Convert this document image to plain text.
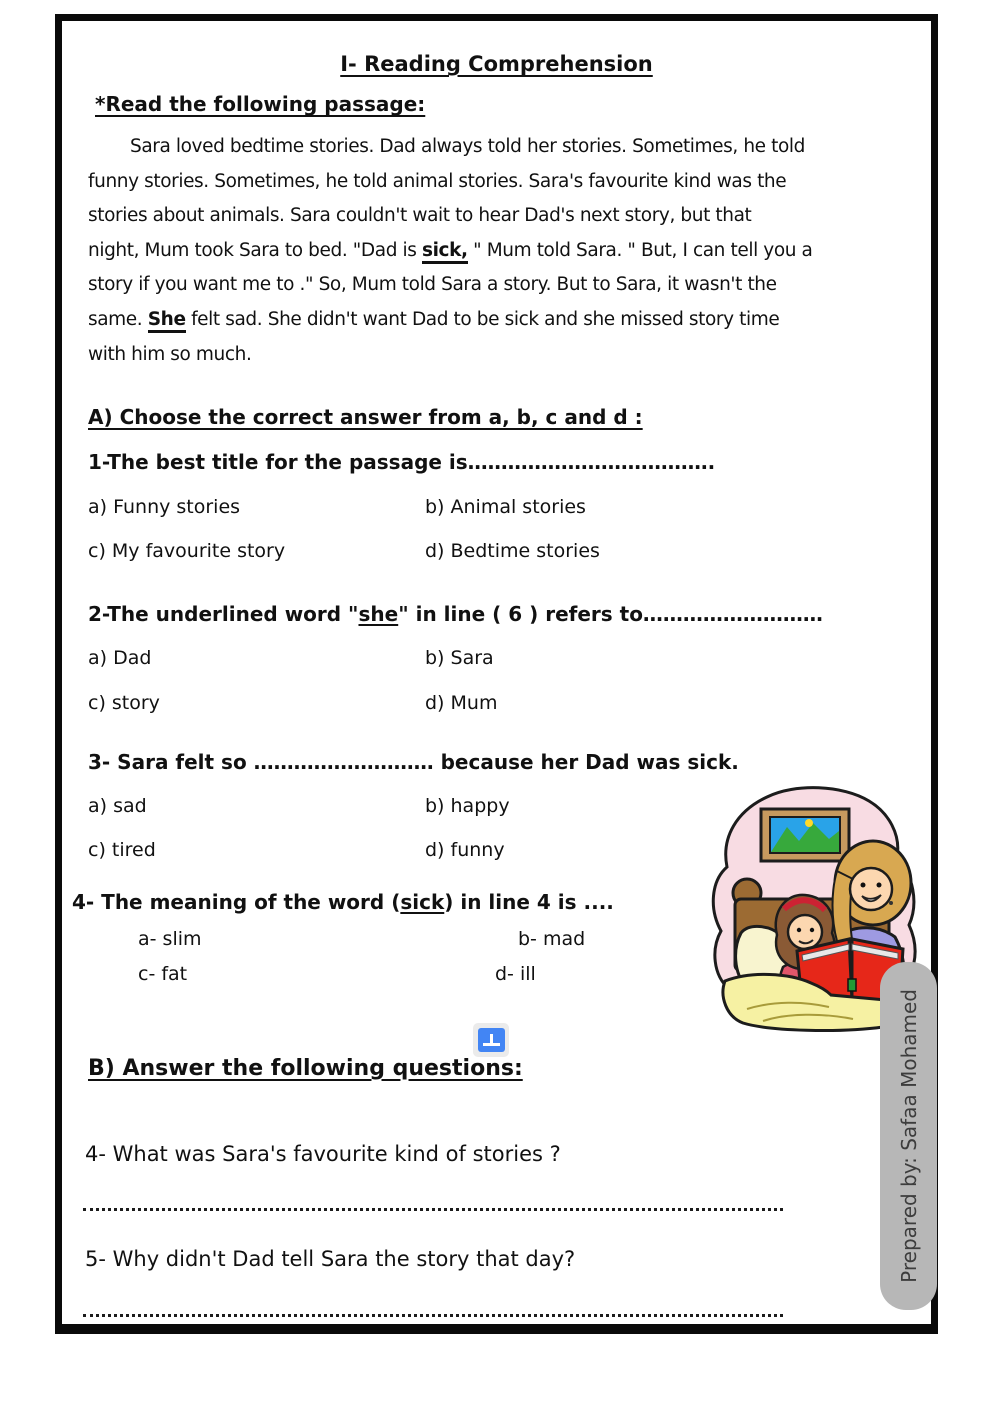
I- Reading Comprehension
*Read the following passage:
Sara loved bedtime stories. Dad always told her stories. Sometimes, he told
funny stories. Sometimes, he told animal stories. Sara's favourite kind was the
stories about animals. Sara couldn't wait to hear Dad's next story, but that
night, Mum took Sara to bed. "Dad is sick, " Mum told Sara. " But, I can tell you a
story if you want me to ." So, Mum told Sara a story. But to Sara, it wasn't the
same. She felt sad. She didn't want Dad to be sick and she missed story time
with him so much.
A) Choose the correct answer from a, b, c and d :
1-The best title for the passage is……………………………….
a) Funny stories	b) Animal stories
c) My favourite story	d) Bedtime stories
2-The underlined word "she" in line ( 6 ) refers to………………………
a) Dad	b) Sara
c) story	d) Mum
3- Sara felt so ……………………… because her Dad was sick.
a) sad	b) happy
c) tired	d) funny
4- The meaning of the word (sick) in line 4 is ....
a- slim	b- mad
c- fat	d- ill
B) Answer the following questions:
4- What was Sara's favourite kind of stories ?
5- Why didn't Dad tell Sara the story that day?	Prepared by: Safaa Mohamed
